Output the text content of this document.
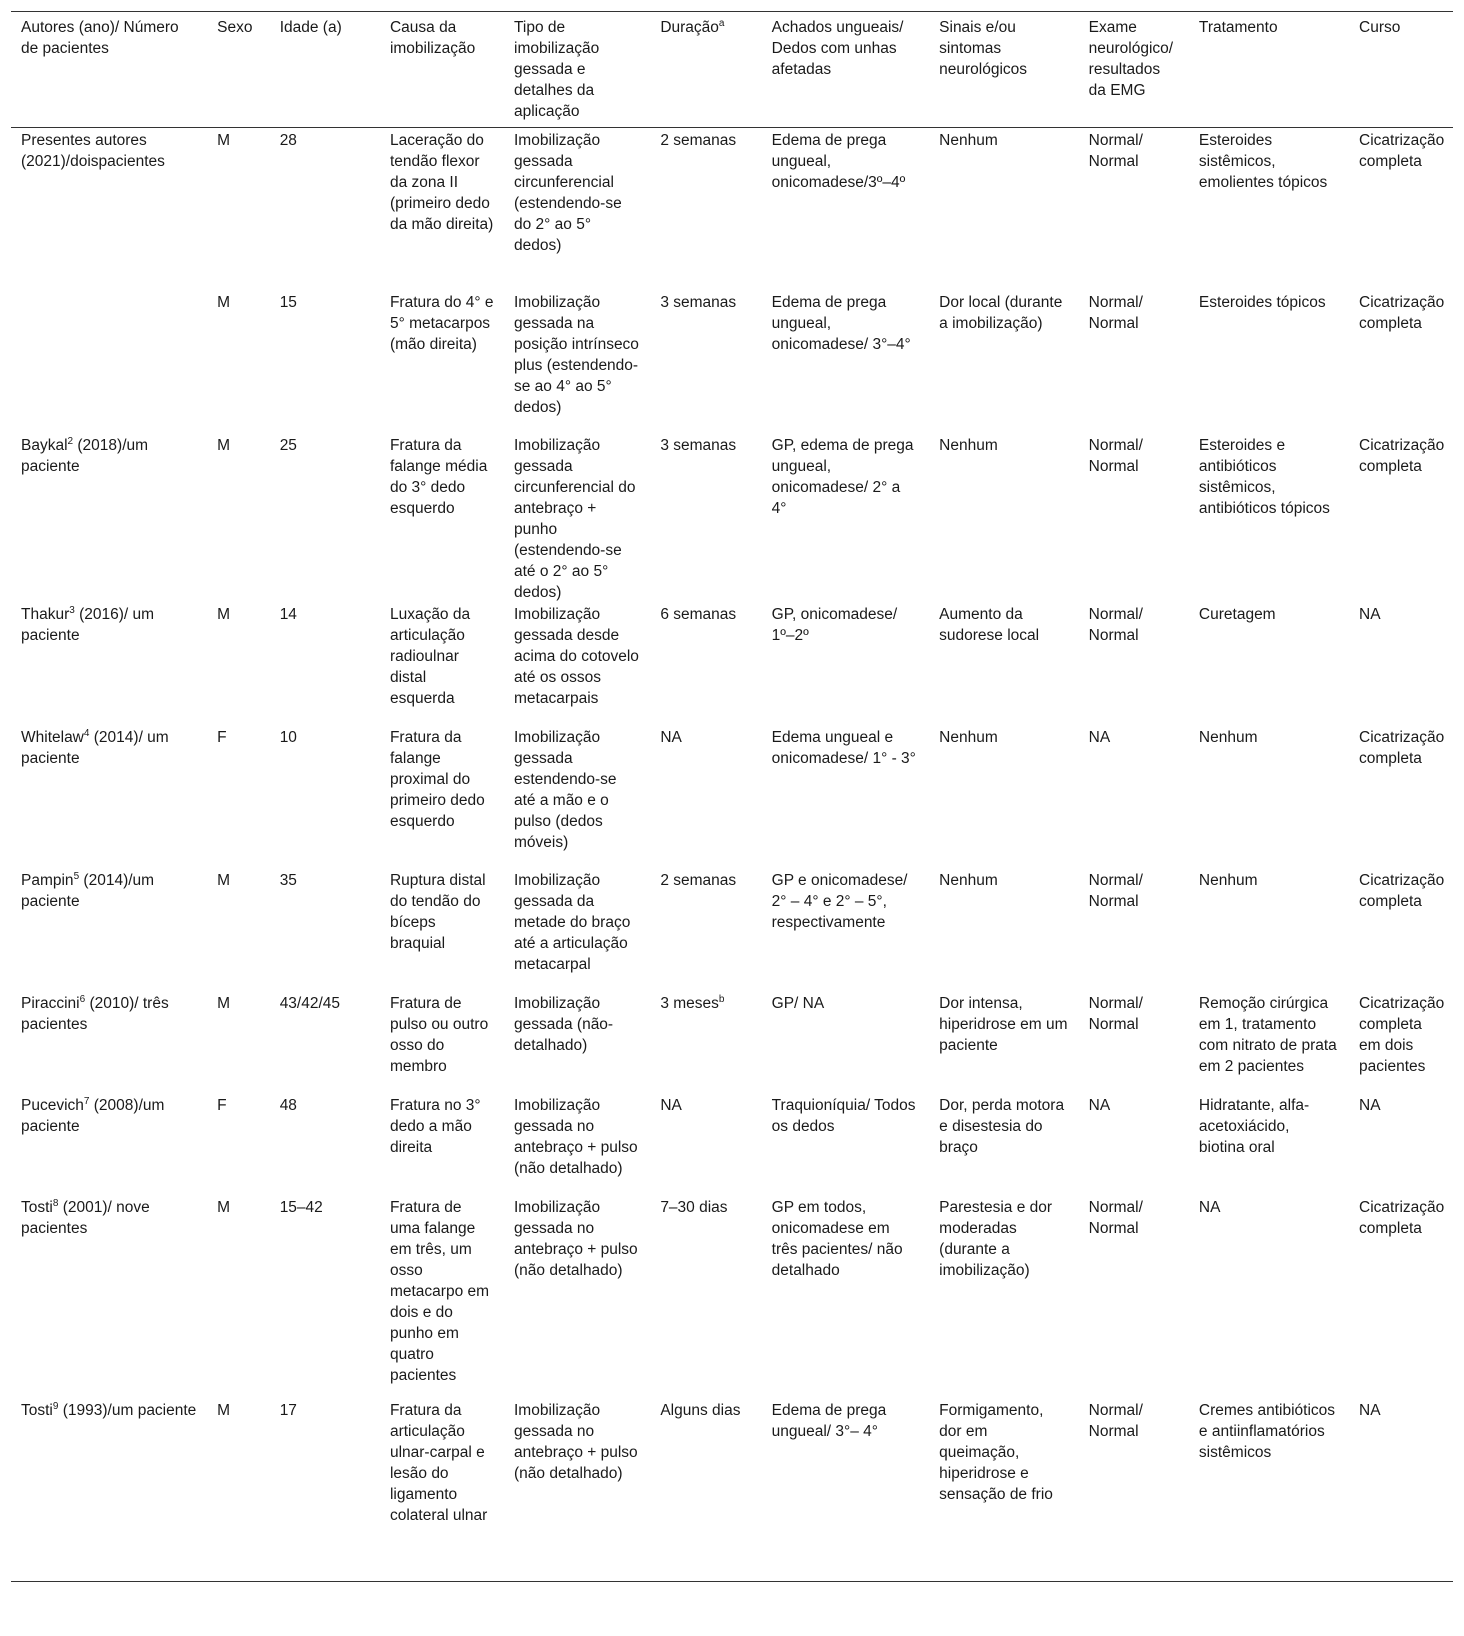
Autores (ano)/ Número de pacientes	Sexo	Idade (a)	Causa da imobilização	Tipo de imobilização gessada e detalhes da aplicação	Duração$^a$	Achados ungueais/ Dedos com unhas afetadas	Sinais e/ou sintomas neurológicos	Exame neurológico/ resultados da EMG	Tratamento	Curso
Presentes autores (2021)/doispacientes	M	28	Laceração do tendão flexor da zona II (primeiro dedo da mão direita)	Imobilização gessada circunferencial (estendendo-se do 2° ao 5° dedos)	2 semanas	Edema de prega ungueal, onicomadese/3º–4º	Nenhum	Normal/ Normal	Esteroides sistêmicos, emolientes tópicos	Cicatrização completa
	M	15	Fratura do 4° e 5° metacarpos (mão direita)	Imobilização gessada na posição intrínseco plus (estendendo-se ao 4° ao 5° dedos)	3 semanas	Edema de prega ungueal, onicomadese/ 3°–4°	Dor local (durante a imobilização)	Normal/ Normal	Esteroides tópicos	Cicatrização completa
Baykal$^2$ (2018)/um paciente	M	25	Fratura da falange média do 3° dedo esquerdo	Imobilização gessada circunferencial do antebraço + punho (estendendo-se até o 2° ao 5° dedos)	3 semanas	GP, edema de prega ungueal, onicomadese/ 2° a 4°	Nenhum	Normal/ Normal	Esteroides e antibióticos sistêmicos, antibióticos tópicos	Cicatrização completa
Thakur$^3$ (2016)/ um paciente	M	14	Luxação da articulação radioulnar distal esquerda	Imobilização gessada desde acima do cotovelo até os ossos metacarpais	6 semanas	GP, onicomadese/ 1º–2º	Aumento da sudorese local	Normal/ Normal	Curetagem	NA
Whitelaw$^4$ (2014)/ um paciente	F	10	Fratura da falange proximal do primeiro dedo esquerdo	Imobilização gessada estendendo-se até a mão e o pulso (dedos móveis)	NA	Edema ungueal e onicomadese/ 1° - 3°	Nenhum	NA	Nenhum	Cicatrização completa
Pampin$^5$ (2014)/um paciente	M	35	Ruptura distal do tendão do bíceps braquial	Imobilização gessada da metade do braço até a articulação metacarpal	2 semanas	GP e onicomadese/ 2° – 4° e 2° – 5°, respectivamente	Nenhum	Normal/ Normal	Nenhum	Cicatrização completa
Piraccini$^6$ (2010)/ três pacientes	M	43/42/45	Fratura de pulso ou outro osso do membro	Imobilização gessada (não-detalhado)	3 meses$^b$	GP/ NA	Dor intensa, hiperidrose em um paciente	Normal/ Normal	Remoção cirúrgica em 1, tratamento com nitrato de prata em 2 pacientes	Cicatrização completa em dois pacientes
Pucevich$^7$ (2008)/um paciente	F	48	Fratura no 3° dedo a mão direita	Imobilização gessada no antebraço + pulso (não detalhado)	NA	Traquioníquia/ Todos os dedos	Dor, perda motora e disestesia do braço	NA	Hidratante, alfa-acetoxiácido, biotina oral	NA
Tosti$^8$ (2001)/ nove pacientes	M	15–42	Fratura de uma falange em três, um osso metacarpo em dois e do punho em quatro pacientes	Imobilização gessada no antebraço + pulso (não detalhado)	7–30 dias	GP em todos, onicomadese em três pacientes/ não detalhado	Parestesia e dor moderadas (durante a imobilização)	Normal/ Normal	NA	Cicatrização completa
Tosti$^9$ (1993)/um paciente	M	17	Fratura da articulação ulnar-carpal e lesão do ligamento colateral ulnar	Imobilização gessada no antebraço + pulso (não detalhado)	Alguns dias	Edema de prega ungueal/ 3°– 4°	Formigamento, dor em queimação, hiperidrose e sensação de frio	Normal/ Normal	Cremes antibióticos e antiinflamatórios sistêmicos	NA
